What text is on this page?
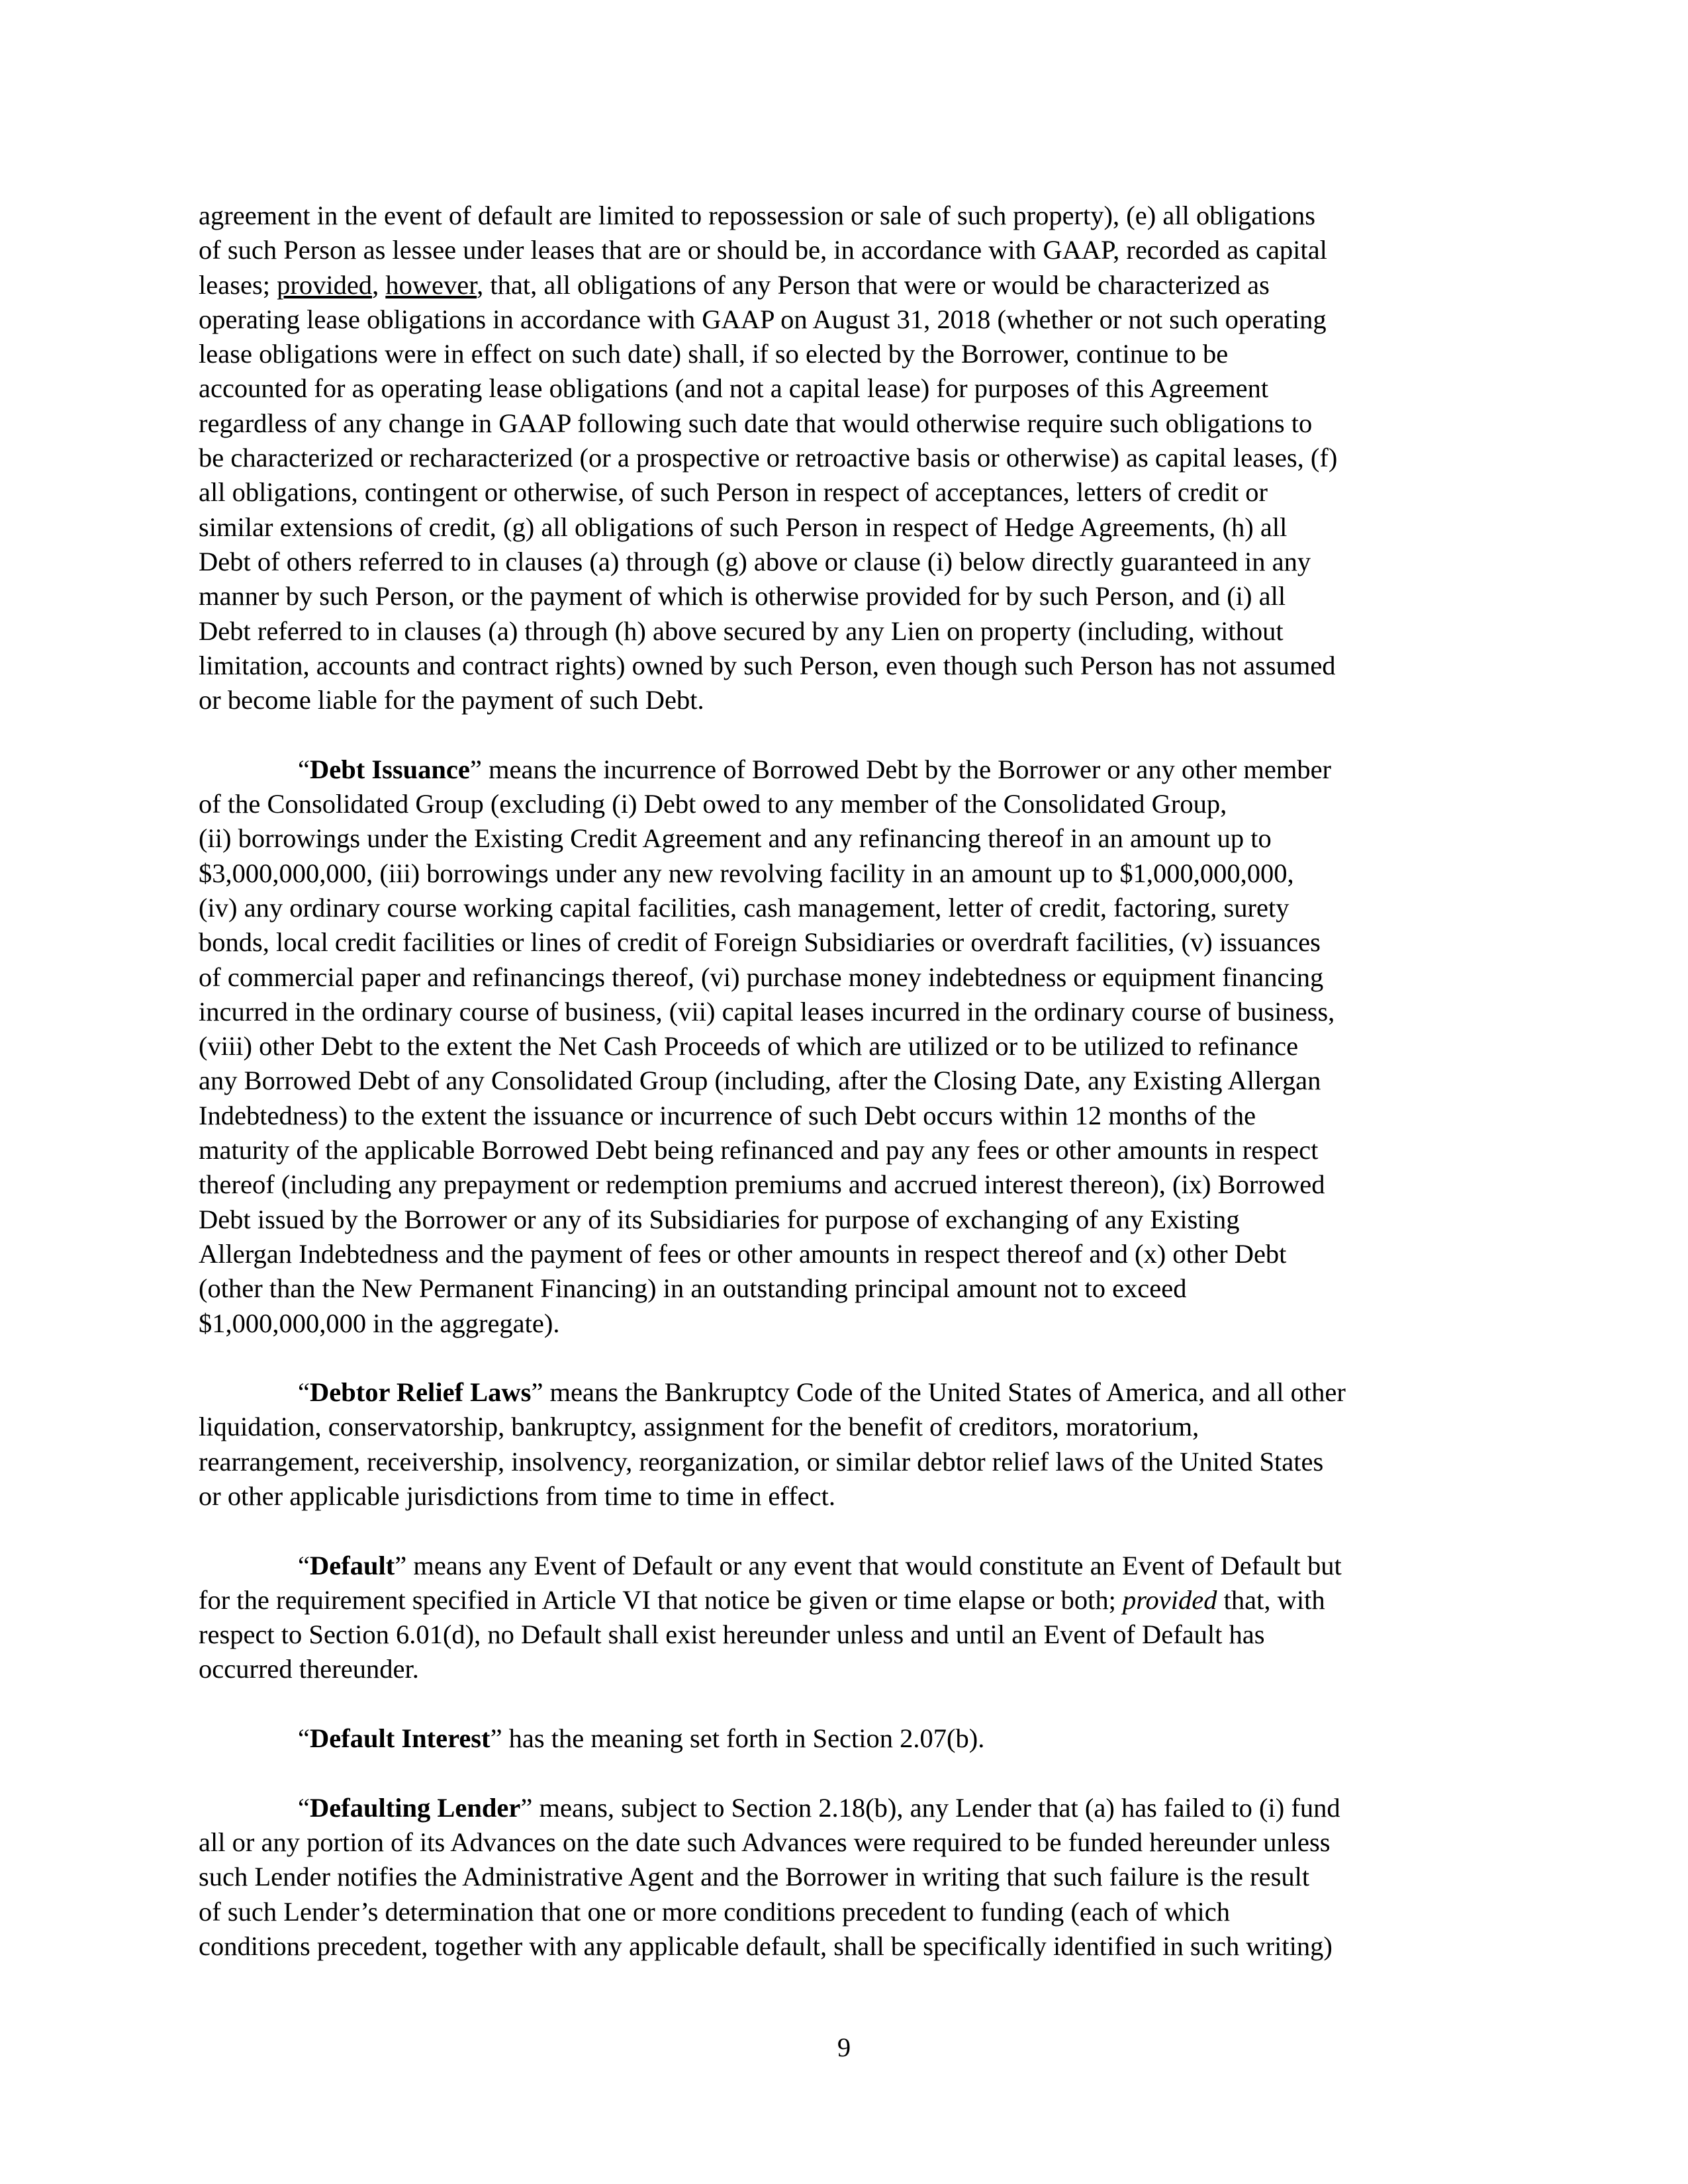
agreement in the event of default are limited to repossession or sale of such property), (e) all obligations
of such Person as lessee under leases that are or should be, in accordance with GAAP, recorded as capital
leases; provided, however, that, all obligations of any Person that were or would be characterized as
operating lease obligations in accordance with GAAP on August 31, 2018 (whether or not such operating
lease obligations were in effect on such date) shall, if so elected by the Borrower, continue to be
accounted for as operating lease obligations (and not a capital lease) for purposes of this Agreement
regardless of any change in GAAP following such date that would otherwise require such obligations to
be characterized or recharacterized (or a prospective or retroactive basis or otherwise) as capital leases, (f)
all obligations, contingent or otherwise, of such Person in respect of acceptances, letters of credit or
similar extensions of credit, (g) all obligations of such Person in respect of Hedge Agreements, (h) all
Debt of others referred to in clauses (a) through (g) above or clause (i) below directly guaranteed in any
manner by such Person, or the payment of which is otherwise provided for by such Person, and (i) all
Debt referred to in clauses (a) through (h) above secured by any Lien on property (including, without
limitation, accounts and contract rights) owned by such Person, even though such Person has not assumed
or become liable for the payment of such Debt.
“Debt Issuance” means the incurrence of Borrowed Debt by the Borrower or any other member
of the Consolidated Group (excluding (i) Debt owed to any member of the Consolidated Group,
(ii) borrowings under the Existing Credit Agreement and any refinancing thereof in an amount up to
$3,000,000,000, (iii) borrowings under any new revolving facility in an amount up to $1,000,000,000,
(iv) any ordinary course working capital facilities, cash management, letter of credit, factoring, surety
bonds, local credit facilities or lines of credit of Foreign Subsidiaries or overdraft facilities, (v) issuances
of commercial paper and refinancings thereof, (vi) purchase money indebtedness or equipment financing
incurred in the ordinary course of business, (vii) capital leases incurred in the ordinary course of business,
(viii) other Debt to the extent the Net Cash Proceeds of which are utilized or to be utilized to refinance
any Borrowed Debt of any Consolidated Group (including, after the Closing Date, any Existing Allergan
Indebtedness) to the extent the issuance or incurrence of such Debt occurs within 12 months of the
maturity of the applicable Borrowed Debt being refinanced and pay any fees or other amounts in respect
thereof (including any prepayment or redemption premiums and accrued interest thereon), (ix) Borrowed
Debt issued by the Borrower or any of its Subsidiaries for purpose of exchanging of any Existing
Allergan Indebtedness and the payment of fees or other amounts in respect thereof and (x) other Debt
(other than the New Permanent Financing) in an outstanding principal amount not to exceed
$1,000,000,000 in the aggregate).
“Debtor Relief Laws” means the Bankruptcy Code of the United States of America, and all other
liquidation, conservatorship, bankruptcy, assignment for the benefit of creditors, moratorium,
rearrangement, receivership, insolvency, reorganization, or similar debtor relief laws of the United States
or other applicable jurisdictions from time to time in effect.
“Default” means any Event of Default or any event that would constitute an Event of Default but
for the requirement specified in Article VI that notice be given or time elapse or both; provided that, with
respect to Section 6.01(d), no Default shall exist hereunder unless and until an Event of Default has
occurred thereunder.
“Default Interest” has the meaning set forth in Section 2.07(b).
“Defaulting Lender” means, subject to Section 2.18(b), any Lender that (a) has failed to (i) fund
all or any portion of its Advances on the date such Advances were required to be funded hereunder unless
such Lender notifies the Administrative Agent and the Borrower in writing that such failure is the result
of such Lender’s determination that one or more conditions precedent to funding (each of which
conditions precedent, together with any applicable default, shall be specifically identified in such writing)
9
